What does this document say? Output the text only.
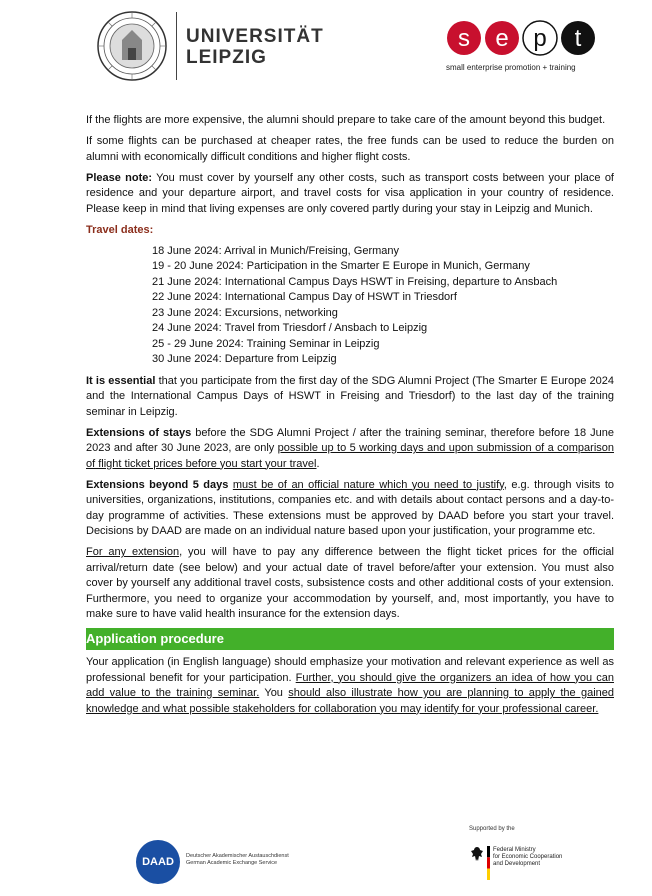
UNIVERSITÄT
LEIPZIG
s e p t
small enterprise promotion + training

If the flights are more expensive, the alumni should prepare to take care of the amount beyond this budget.

If some flights can be purchased at cheaper rates, the free funds can be used to reduce the burden on alumni with economically difficult conditions and higher flight costs.

Please note: You must cover by yourself any other costs, such as transport costs between your place of residence and your departure airport, and travel costs for visa application in your country of residence. Please keep in mind that living expenses are only covered partly during your stay in Leipzig and Munich.

Travel dates:

18 June 2024: Arrival in Munich/Freising, Germany
19 - 20 June 2024: Participation in the Smarter E Europe in Munich, Germany
21 June 2024: International Campus Days HSWT in Freising, departure to Ansbach
22 June 2024: International Campus Day of HSWT in Triesdorf
23 June 2024: Excursions, networking
24 June 2024: Travel from Triesdorf / Ansbach to Leipzig
25 - 29 June 2024: Training Seminar in Leipzig
30 June 2024: Departure from Leipzig

It is essential that you participate from the first day of the SDG Alumni Project (The Smarter E Europe 2024 and the International Campus Days of HSWT in Freising and Triesdorf) to the last day of the training seminar in Leipzig.

Extensions of stays before the SDG Alumni Project / after the training seminar, therefore before 18 June 2023 and after 30 June 2023, are only possible up to 5 working days and upon submission of a comparison of flight ticket prices before you start your travel.

Extensions beyond 5 days must be of an official nature which you need to justify, e.g. through visits to universities, organizations, institutions, companies etc. and with details about contact persons and a day-to-day programme of activities. These extensions must be approved by DAAD before you start your travel. Decisions by DAAD are made on an individual nature based upon your justification, your programme etc.

For any extension, you will have to pay any difference between the flight ticket prices for the official arrival/return date (see below) and your actual date of travel before/after your extension. You must also cover by yourself any additional travel costs, subsistence costs and other additional costs of your extension. Furthermore, you need to organize your accommodation by yourself, and, most importantly, you have to make sure to have valid health insurance for the extension days.

Application procedure

Your application (in English language) should emphasize your motivation and relevant experience as well as professional benefit for your participation. Further, you should give the organizers an idea of how you can add value to the training seminar. You should also illustrate how you are planning to apply the gained knowledge and what possible stakeholders for collaboration you may identify for your professional career.

DAAD	Deutscher Akademischer Austauschdienst
German Academic Exchange Service
Supported by the
Federal Ministry
for Economic Cooperation
and Development
